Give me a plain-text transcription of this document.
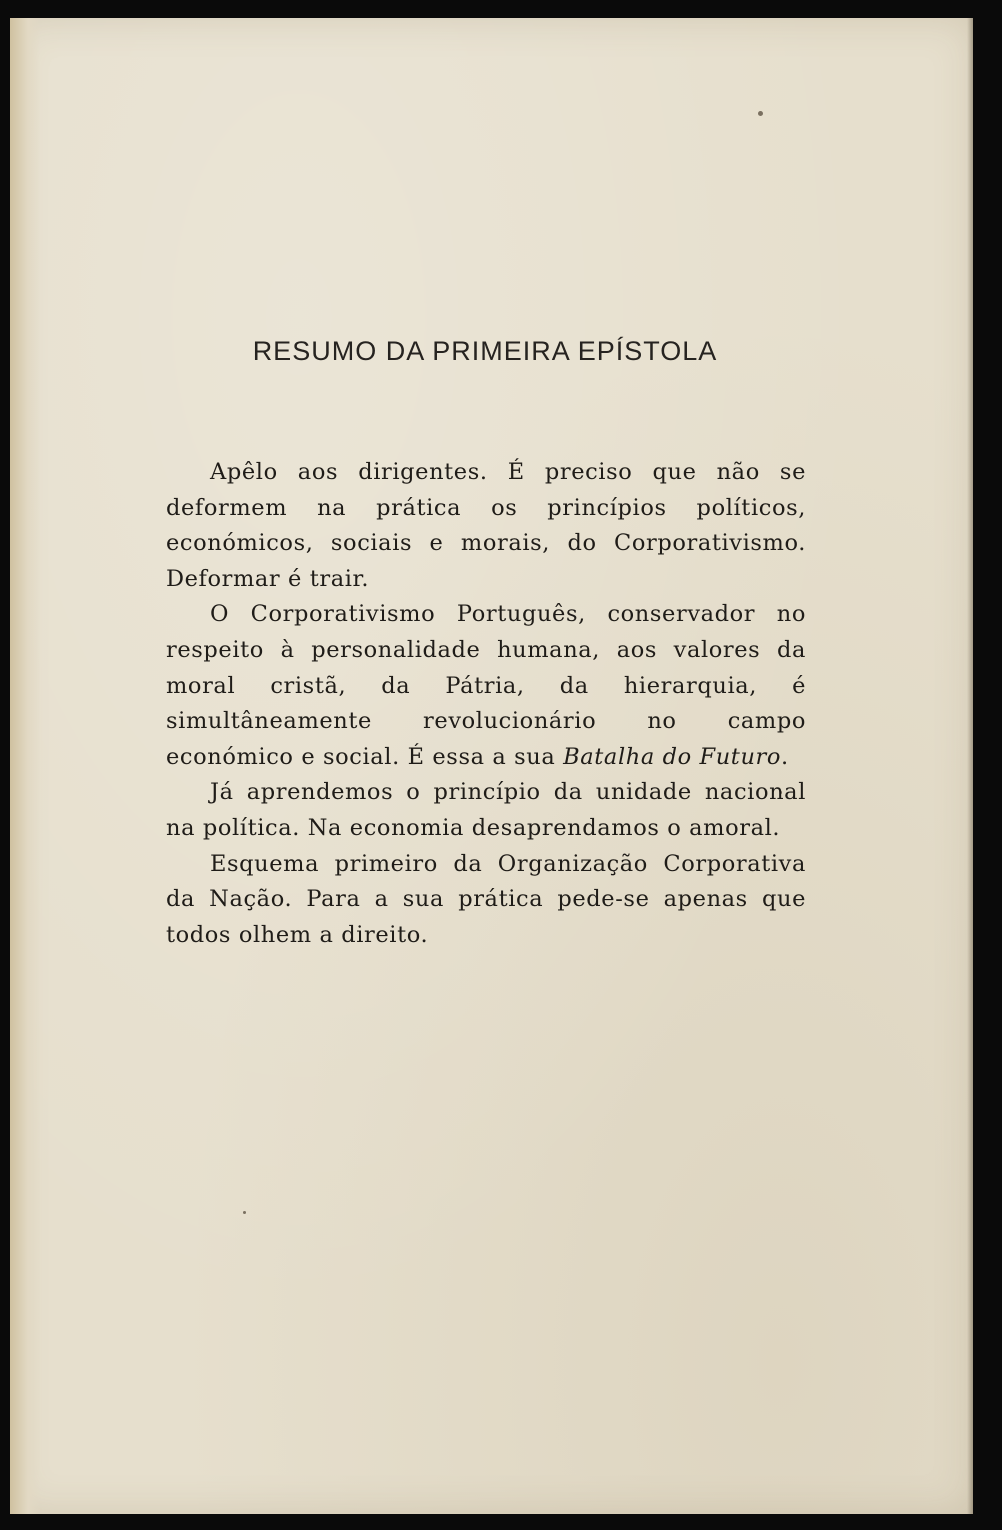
RESUMO DA PRIMEIRA EPÍSTOLA

Apêlo aos dirigentes. É preciso que não se deformem na prática os princípios políticos, económicos, sociais e morais, do Corporativismo. Deformar é trair.

O Corporativismo Português, conservador no respeito à personalidade humana, aos valores da moral cristã, da Pátria, da hierarquia, é simultâneamente revolucionário no campo económico e social. É essa a sua Batalha do Futuro.

Já aprendemos o princípio da unidade nacional na política. Na economia desaprendamos o amoral.

Esquema primeiro da Organização Corporativa da Nação. Para a sua prática pede-se apenas que todos olhem a direito.
